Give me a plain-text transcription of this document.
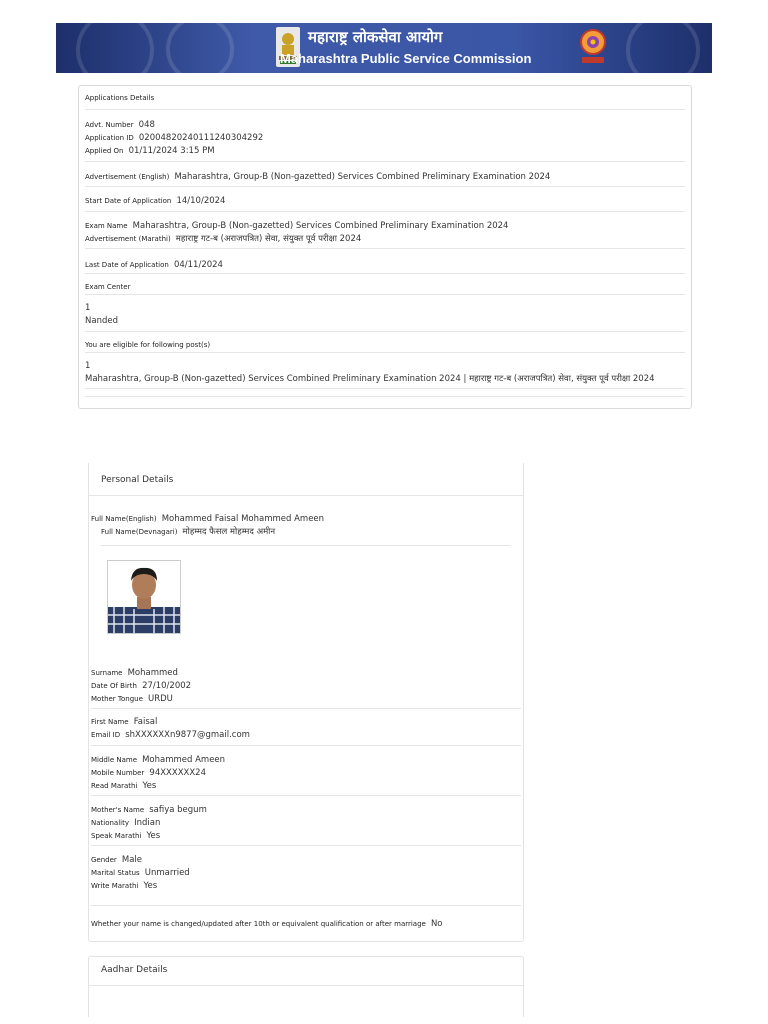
महाराष्ट्र लोकसेवा आयोग
Maharashtra Public Service Commission
Applications Details
Advt. Number 048
Application ID 02004820240111240304292
Applied On 01/11/2024 3:15 PM
Advertisement (English) Maharashtra, Group-B (Non-gazetted) Services Combined Preliminary Examination 2024
Start Date of Application 14/10/2024
Exam Name Maharashtra, Group-B (Non-gazetted) Services Combined Preliminary Examination 2024
Advertisement (Marathi) महाराष्ट्र गट-ब (अराजपत्रित) सेवा, संयुक्त पूर्व परीक्षा 2024
Last Date of Application 04/11/2024
Exam Center
1
Nanded
You are eligible for following post(s)
1
Maharashtra, Group-B (Non-gazetted) Services Combined Preliminary Examination 2024 | महाराष्ट्र गट-ब (अराजपत्रित) सेवा, संयुक्त पूर्व परीक्षा 2024
Personal Details
Full Name(English) Mohammed Faisal Mohammed Ameen
Full Name(Devnagari) मोहम्मद फैसल मोहम्मद अमीन
Surname Mohammed
Date Of Birth 27/10/2002
Mother Tongue URDU
First Name Faisal
Email ID shXXXXXXn9877@gmail.com
Middle Name Mohammed Ameen
Mobile Number 94XXXXXX24
Read Marathi Yes
Mother's Name safiya begum
Nationality Indian
Speak Marathi Yes
Gender Male
Marital Status Unmarried
Write Marathi Yes
Whether your name is changed/updated after 10th or equivalent qualification or after marriage No
Aadhar Details
